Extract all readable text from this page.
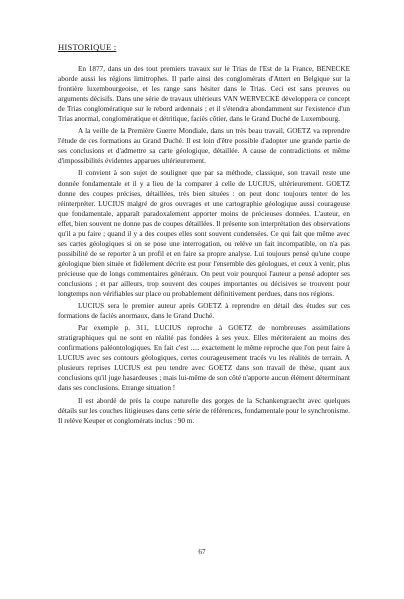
HISTORIQUE :

En 1877, dans un des tout premiers travaux sur le Trias de l'Est de la France, BENECKE aborde aussi les régions limitrophes. Il parle ainsi des conglomérats d'Attert en Belgique sur la frontière luxembourgeoise, et les range sans hésiter dans le Trias. Ceci est sans preuves ou arguments décisifs. Dans une série de travaux ultérieurs VAN WERVECKE développera ce concept de Trias conglomératique sur le rebord ardennais ; et il s'étendra abondamment sur l'existence d'un Trias anormal, conglomératique et détritique, faciès côtier, dans le Grand Duché de Luxembourg.

A la veille de la Première Guerre Mondiale, dans un très beau travail, GOETZ va reprendre l'étude de ces formations au Grand Duché. Il est loin d'être possible d'adopter une grande partie de ses conclusions et d'admettre sa carte géologique, détaillée. A cause de contradictions et même d'impossibilités évidentes apparues ultérieurement.

Il convient à son sujet de souligner que par sa méthode, classique, son travail reste une donnée fondamentale et il y a lieu de la comparer à celle de LUCIUS, ultérieurement. GOETZ donne des coupes précises, détaillées, très bien situées : on peut donc toujours tenter de les réinterpréter. LUCIUS malgré de gros ouvrages et une cartographie géologique aussi courageuse que fondamentale, apparaît paradoxalement apporter moins de précieuses données. L'auteur, en effet, bien souvent ne donne pas de coupes détaillées. Il présente son interprétation des observations qu'il a pu faire ; quand il y a des coupes elles sont souvent condensées. Ce qui fait que même avec ses cartes géologiques si on se pose une interrogation, ou relève un fait incompatible, on n'a pas possibilité de se reporter à un profil et en faire sa propre analyse. Lui toujours pensé qu'une coupe géologique bien située et fidèlement décrite est pour l'ensemble des géologues, et ceux à venir, plus précieuse que de longs commentaires généraux. On peut voir pourquoi l'auteur a pensé adopter ses conclusions ; et par ailleurs, trop souvent des coupes importantes ou décisives se trouvent pour longtemps non vérifiables sur place ou probablement définitivement perdues, dans nos régions.

LUCIUS sera le premier auteur après GOETZ à reprendre en détail des études sur ces formations de faciès anormaux, dans le Grand Duché.

Par exemple p. 311, LUCIUS reproche à GOETZ de nombreuses assimilations stratigraphiques qui ne sont en réalité pas fondées à ses yeux. Elles mériteraient au moins des confirmations paléontologiques. En fait c'est ..... exactement le même reproche que l'on peut faire à LUCIUS avec ses contours géologiques, certes courageusement tracés vu les réalités de terrain. A plusieurs reprises LUCIUS est peu tendre avec GOETZ dans son travail de thèse, quant aux conclusions qu'il juge hasardeuses ; mais lui-même de son côté n'apporte aucun élément déterminant dans ses conclusions. Etrange situation !

Il est abordé de près la coupe naturelle des gorges de la Schankengraecht avec quelques détails sur les couches litigieuses dans cette série de références, fondamentale pour le synchronisme. Il relève Keuper et conglomérats inclus : 90 m.

67
